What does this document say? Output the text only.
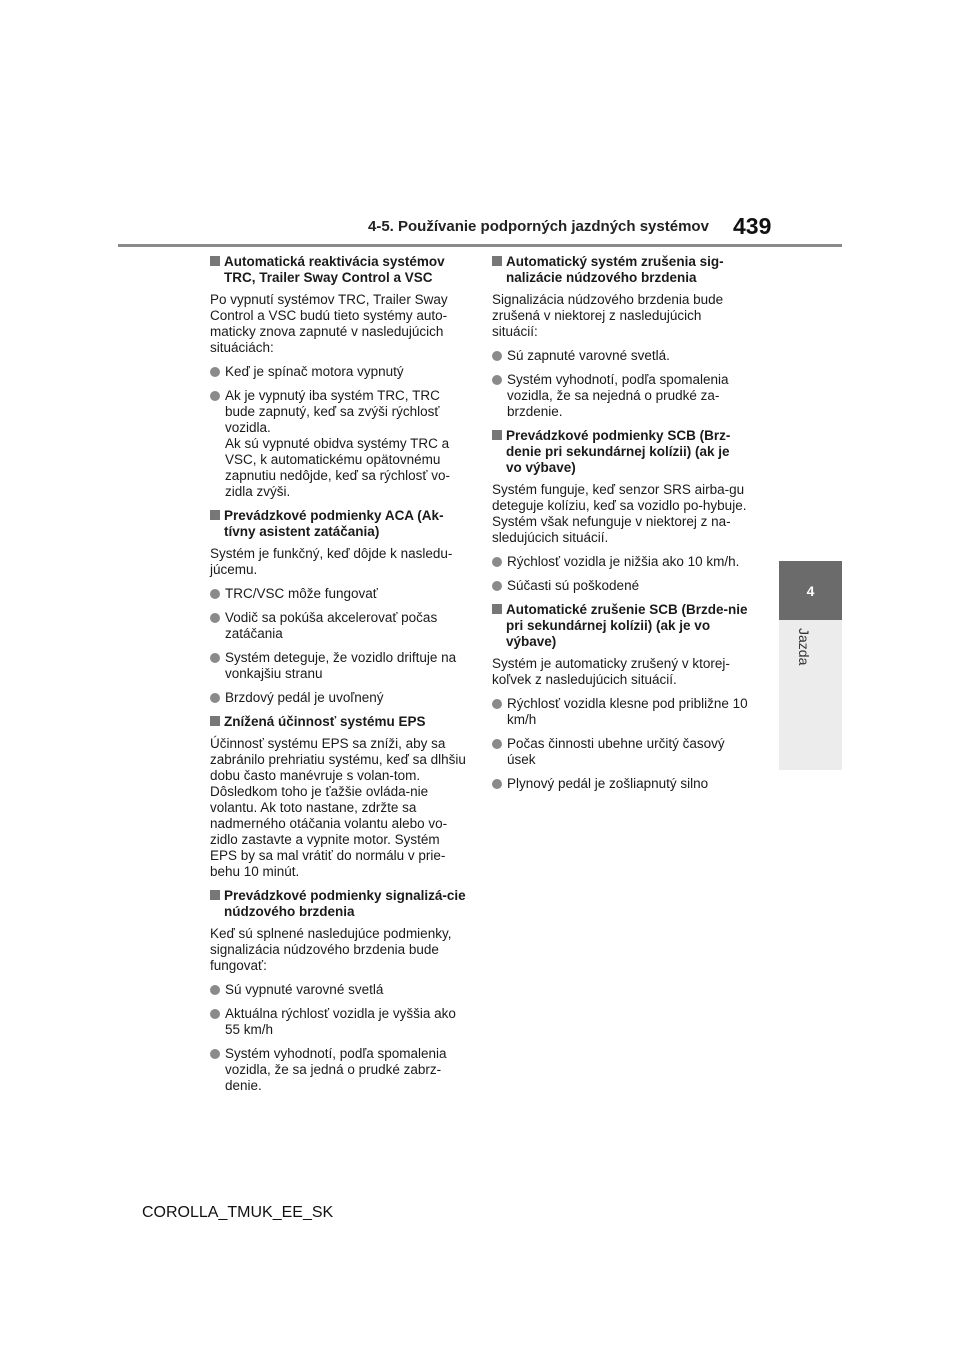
4-5. Používanie podporných jazdných systémov 439
4
Jazda
Automatická reaktivácia systémov TRC, Trailer Sway Control a VSC
Po vypnutí systémov TRC, Trailer Sway Control a VSC budú tieto systémy auto-maticky znova zapnuté v nasledujúcich situáciách:
Keď je spínač motora vypnutý
Ak je vypnutý iba systém TRC, TRC bude zapnutý, keď sa zvýši rýchlosť vozidla.
Ak sú vypnuté obidva systémy TRC a VSC, k automatickému opätovnému zapnutiu nedôjde, keď sa rýchlosť vo-zidla zvýši.
Prevádzkové podmienky ACA (Ak-tívny asistent zatáčania)
Systém je funkčný, keď dôjde k nasledu-júcemu.
TRC/VSC môže fungovať
Vodič sa pokúša akcelerovať počas zatáčania
Systém deteguje, že vozidlo driftuje na vonkajšiu stranu
Brzdový pedál je uvoľnený
Znížená účinnosť systému EPS
Účinnosť systému EPS sa zníži, aby sa zabránilo prehriatiu systému, keď sa dlhšiu dobu často manévruje s volan-tom. Dôsledkom toho je ťažšie ovláda-nie volantu. Ak toto nastane, zdržte sa nadmerného otáčania volantu alebo vo-zidlo zastavte a vypnite motor. Systém EPS by sa mal vrátiť do normálu v prie-behu 10 minút.
Prevádzkové podmienky signalizá-cie núdzového brzdenia
Keď sú splnené nasledujúce podmienky, signalizácia núdzového brzdenia bude fungovať:
Sú vypnuté varovné svetlá
Aktuálna rýchlosť vozidla je vyššia ako 55 km/h
Systém vyhodnotí, podľa spomalenia vozidla, že sa jedná o prudké zabrz-denie.
Automatický systém zrušenia sig-nalizácie núdzového brzdenia
Signalizácia núdzového brzdenia bude zrušená v niektorej z nasledujúcich situácií:
Sú zapnuté varovné svetlá.
Systém vyhodnotí, podľa spomalenia vozidla, že sa nejedná o prudké za-brzdenie.
Prevádzkové podmienky SCB (Brz-denie pri sekundárnej kolízii) (ak je vo výbave)
Systém funguje, keď senzor SRS airba-gu deteguje kolíziu, keď sa vozidlo po-hybuje.
Systém však nefunguje v niektorej z na-sledujúcich situácií.
Rýchlosť vozidla je nižšia ako 10 km/h.
Súčasti sú poškodené
Automatické zrušenie SCB (Brzde-nie pri sekundárnej kolízii) (ak je vo výbave)
Systém je automaticky zrušený v ktorej-koľvek z nasledujúcich situácií.
Rýchlosť vozidla klesne pod približne 10 km/h
Počas činnosti ubehne určitý časový úsek
Plynový pedál je zošliapnutý silno
COROLLA_TMUK_EE_SK
